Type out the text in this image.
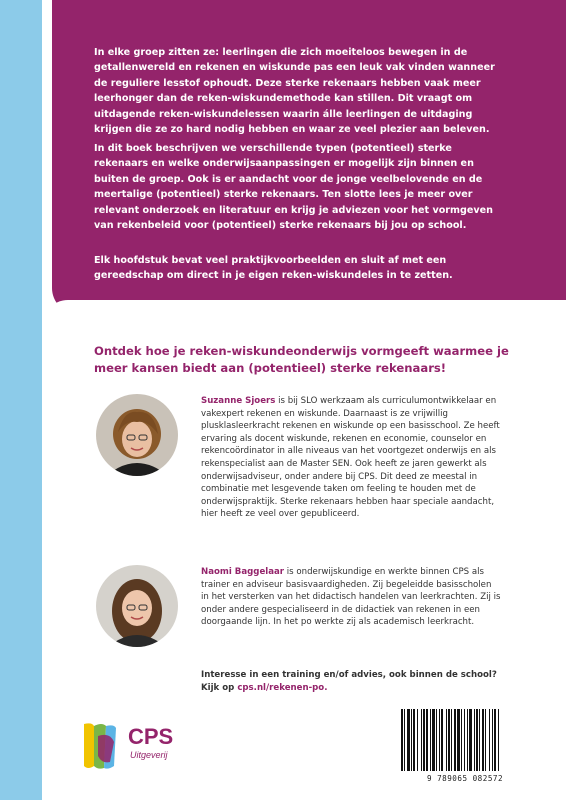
In elke groep zitten ze: leerlingen die zich moeiteloos bewegen in de getallenwereld en rekenen en wiskunde pas een leuk vak vinden wanneer de reguliere lesstof ophoudt. Deze sterke rekenaars hebben vaak meer leerhonger dan de reken-wiskundemethode kan stillen. Dit vraagt om uitdagende reken-wiskundelessen waarin álle leerlingen de uitdaging krijgen die ze zo hard nodig hebben en waar ze veel plezier aan beleven.

In dit boek beschrijven we verschillende typen (potentieel) sterke rekenaars en welke onderwijsaanpassingen er mogelijk zijn binnen en buiten de groep. Ook is er aandacht voor de jonge veelbelovende en de meertalige (potentieel) sterke rekenaars. Ten slotte lees je meer over relevant onderzoek en literatuur en krijg je adviezen voor het vormgeven van rekenbeleid voor (potentieel) sterke rekenaars bij jou op school.

Elk hoofdstuk bevat veel praktijkvoorbeelden en sluit af met een gereedschap om direct in je eigen reken-wiskundeles in te zetten.

Ontdek hoe je reken-wiskundeonderwijs vormgeeft waarmee je meer kansen biedt aan (potentieel) sterke rekenaars!

Suzanne Sjoers is bij SLO werkzaam als curriculumontwikkelaar en vakexpert rekenen en wiskunde. Daarnaast is ze vrijwillig plusklasleerkracht rekenen en wiskunde op een basisschool. Ze heeft ervaring als docent wiskunde, rekenen en economie, counselor en rekencoördinator in alle niveaus van het voortgezet onderwijs en als rekenspecialist aan de Master SEN. Ook heeft ze jaren gewerkt als onderwijsadviseur, onder andere bij CPS. Dit deed ze meestal in combinatie met lesgevende taken om feeling te houden met de onderwijspraktijk. Sterke rekenaars hebben haar speciale aandacht, hier heeft ze veel over gepubliceerd.

Naomi Baggelaar is onderwijskundige en werkte binnen CPS als trainer en adviseur basisvaardigheden. Zij begeleidde basisscholen in het versterken van het didactisch handelen van leerkrachten. Zij is onder andere gespecialiseerd in de didactiek van rekenen in een doorgaande lijn. In het po werkte zij als academisch leerkracht.

Interesse in een training en/of advies, ook binnen de school?
Kijk op cps.nl/rekenen-po.

CPS
Uitgeverij
9 789065 082572
